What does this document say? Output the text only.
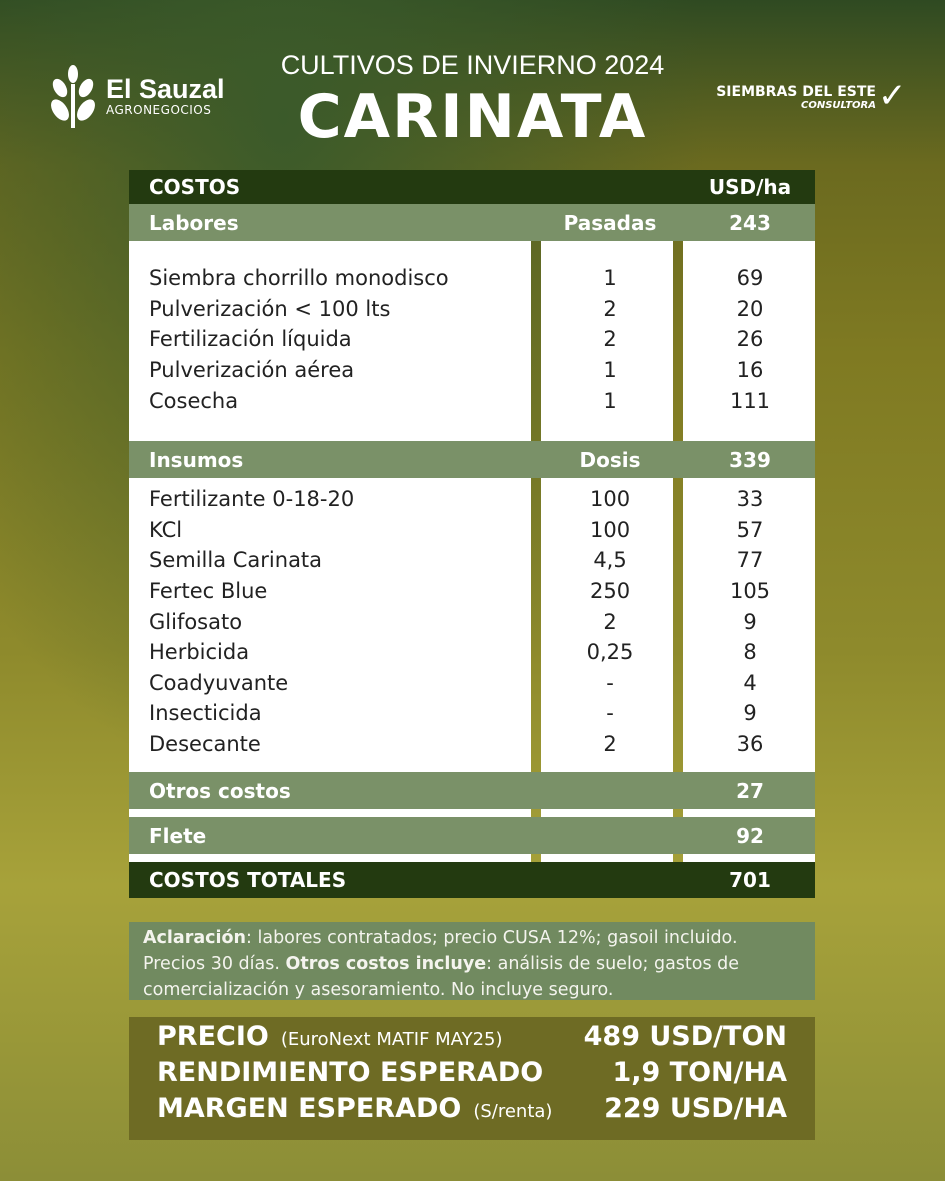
El Sauzal
AGRONEGOCIOS
CULTIVOS DE INVIERNO 2024
CARINATA	SIEMBRAS DEL ESTE
CONSULTORA ✓
COSTOS	USD/ha
Labores	Pasadas	243
Siembra chorrillo monodisco	1	69
Pulverización < 100 lts	2	20
Fertilización líquida	2	26
Pulverización aérea	1	16
Cosecha	1	111
Insumos	Dosis	339
Fertilizante 0-18-20	100	33
KCl	100	57
Semilla Carinata	4,5	77
Fertec Blue	250	105
Glifosato	2	9
Herbicida	0,25	8
Coadyuvante	-	4
Insecticida	-	9
Desecante	2	36
Otros costos	27
Flete	92
COSTOS TOTALES	701
Aclaración: labores contratados; precio CUSA 12%; gasoil incluido. Precios 30 días. Otros costos incluye: análisis de suelo; gastos de comercialización y asesoramiento. No incluye seguro.
PRECIO (EuroNext MATIF MAY25)	489 USD/TON
RENDIMIENTO ESPERADO	1,9 TON/HA
MARGEN ESPERADO (S/renta) 229 USD/HA
